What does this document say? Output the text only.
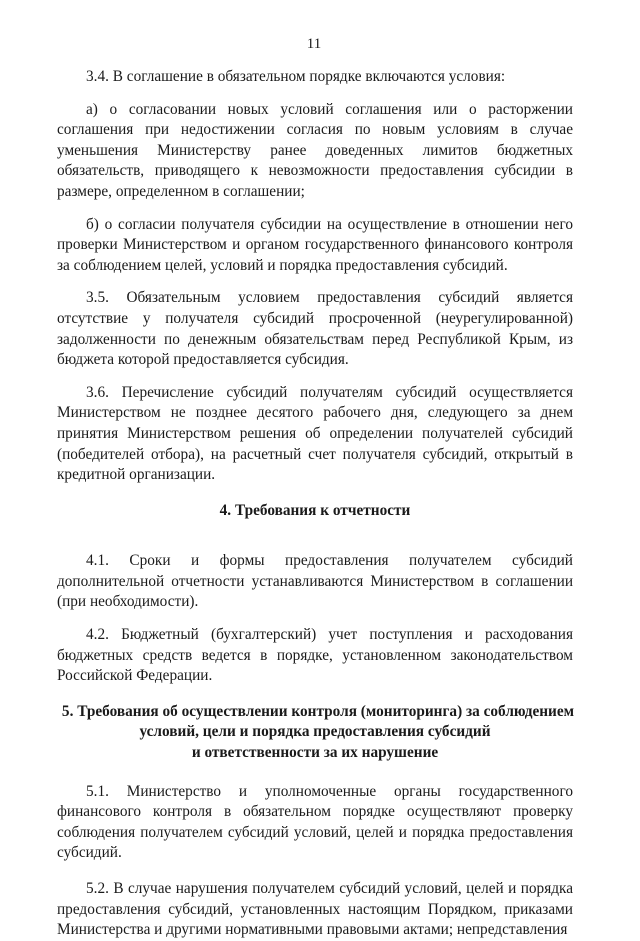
11

3.4. В соглашение в обязательном порядке включаются условия:

а) о согласовании новых условий соглашения или о расторжении соглашения при недостижении согласия по новым условиям в случае уменьшения Министерству ранее доведенных лимитов бюджетных обязательств, приводящего к невозможности предоставления субсидии в размере, определенном в соглашении;

б) о согласии получателя субсидии на осуществление в отношении него проверки Министерством и органом государственного финансового контроля за соблюдением целей, условий и порядка предоставления субсидий.

3.5. Обязательным условием предоставления субсидий является отсутствие у получателя субсидий просроченной (неурегулированной) задолженности по денежным обязательствам перед Республикой Крым, из бюджета которой предоставляется субсидия.

3.6. Перечисление субсидий получателям субсидий осуществляется Министерством не позднее десятого рабочего дня, следующего за днем принятия Министерством решения об определении получателей субсидий (победителей отбора), на расчетный счет получателя субсидий, открытый в кредитной организации.

4. Требования к отчетности

4.1. Сроки и формы предоставления получателем субсидий дополнительной отчетности устанавливаются Министерством в соглашении (при необходимости).

4.2. Бюджетный (бухгалтерский) учет поступления и расходования бюджетных средств ведется в порядке, установленном законодательством Российской Федерации.

5. Требования об осуществлении контроля (мониторинга) за соблюдением

условий, цели и порядка предоставления субсидий

и ответственности за их нарушение

5.1. Министерство и уполномоченные органы государственного финансового контроля в обязательном порядке осуществляют проверку соблюдения получателем субсидий условий, целей и порядка предоставления субсидий.

5.2. В случае нарушения получателем субсидий условий, целей и порядка предоставления субсидий, установленных настоящим Порядком, приказами Министерства и другими нормативными правовыми актами; непредставления
